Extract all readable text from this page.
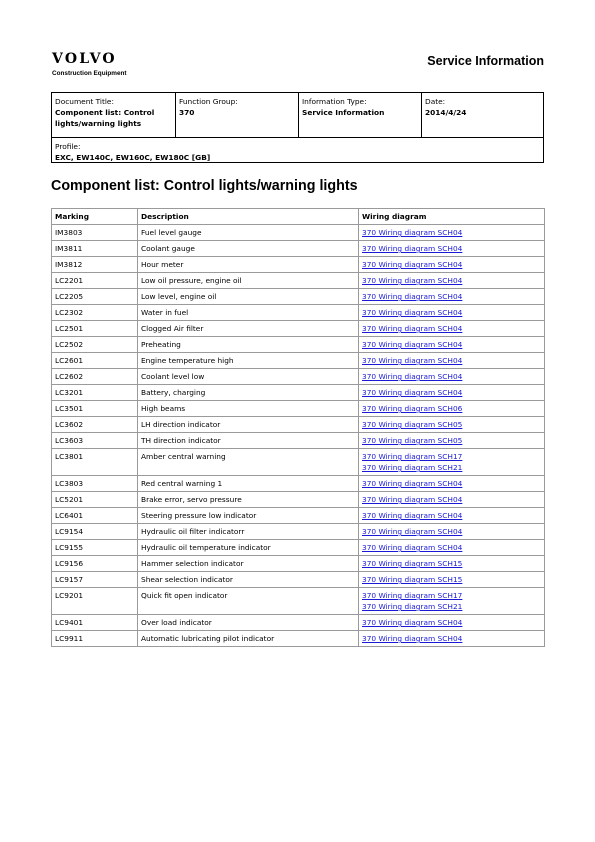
VOLVO
Construction Equipment
Service Information
Document Title:
Component list: Control lights/warning lights
Function Group:
370
Information Type:
Service Information
Date:
2014/4/24
Profile:
EXC, EW140C, EW160C, EW180C [GB]
Component list: Control lights/warning lights
Marking	Description	Wiring diagram
IM3803	Fuel level gauge	370 Wiring diagram SCH04

IM3811	Coolant gauge	370 Wiring diagram SCH04

IM3812	Hour meter	370 Wiring diagram SCH04

LC2201	Low oil pressure, engine oil	370 Wiring diagram SCH04

LC2205	Low level, engine oil	370 Wiring diagram SCH04

LC2302	Water in fuel	370 Wiring diagram SCH04

LC2501	Clogged Air filter	370 Wiring diagram SCH04

LC2502	Preheating	370 Wiring diagram SCH04

LC2601	Engine temperature high	370 Wiring diagram SCH04

LC2602	Coolant level low	370 Wiring diagram SCH04

LC3201	Battery, charging	370 Wiring diagram SCH04

LC3501	High beams	370 Wiring diagram SCH06

LC3602	LH direction indicator	370 Wiring diagram SCH05

LC3603	TH direction indicator	370 Wiring diagram SCH05

LC3801	Amber central warning	370 Wiring diagram SCH17
370 Wiring diagram SCH21

LC3803	Red central warning 1	370 Wiring diagram SCH04

LC5201	Brake error, servo pressure	370 Wiring diagram SCH04

LC6401	Steering pressure low indicator	370 Wiring diagram SCH04

LC9154	Hydraulic oil filter indicatorr	370 Wiring diagram SCH04

LC9155	Hydraulic oil temperature indicator	370 Wiring diagram SCH04

LC9156	Hammer selection indicator	370 Wiring diagram SCH15

LC9157	Shear selection indicator	370 Wiring diagram SCH15

LC9201	Quick fit open indicator	370 Wiring diagram SCH17
370 Wiring diagram SCH21

LC9401	Over load indicator	370 Wiring diagram SCH04

LC9911	Automatic lubricating pilot indicator	370 Wiring diagram SCH04
